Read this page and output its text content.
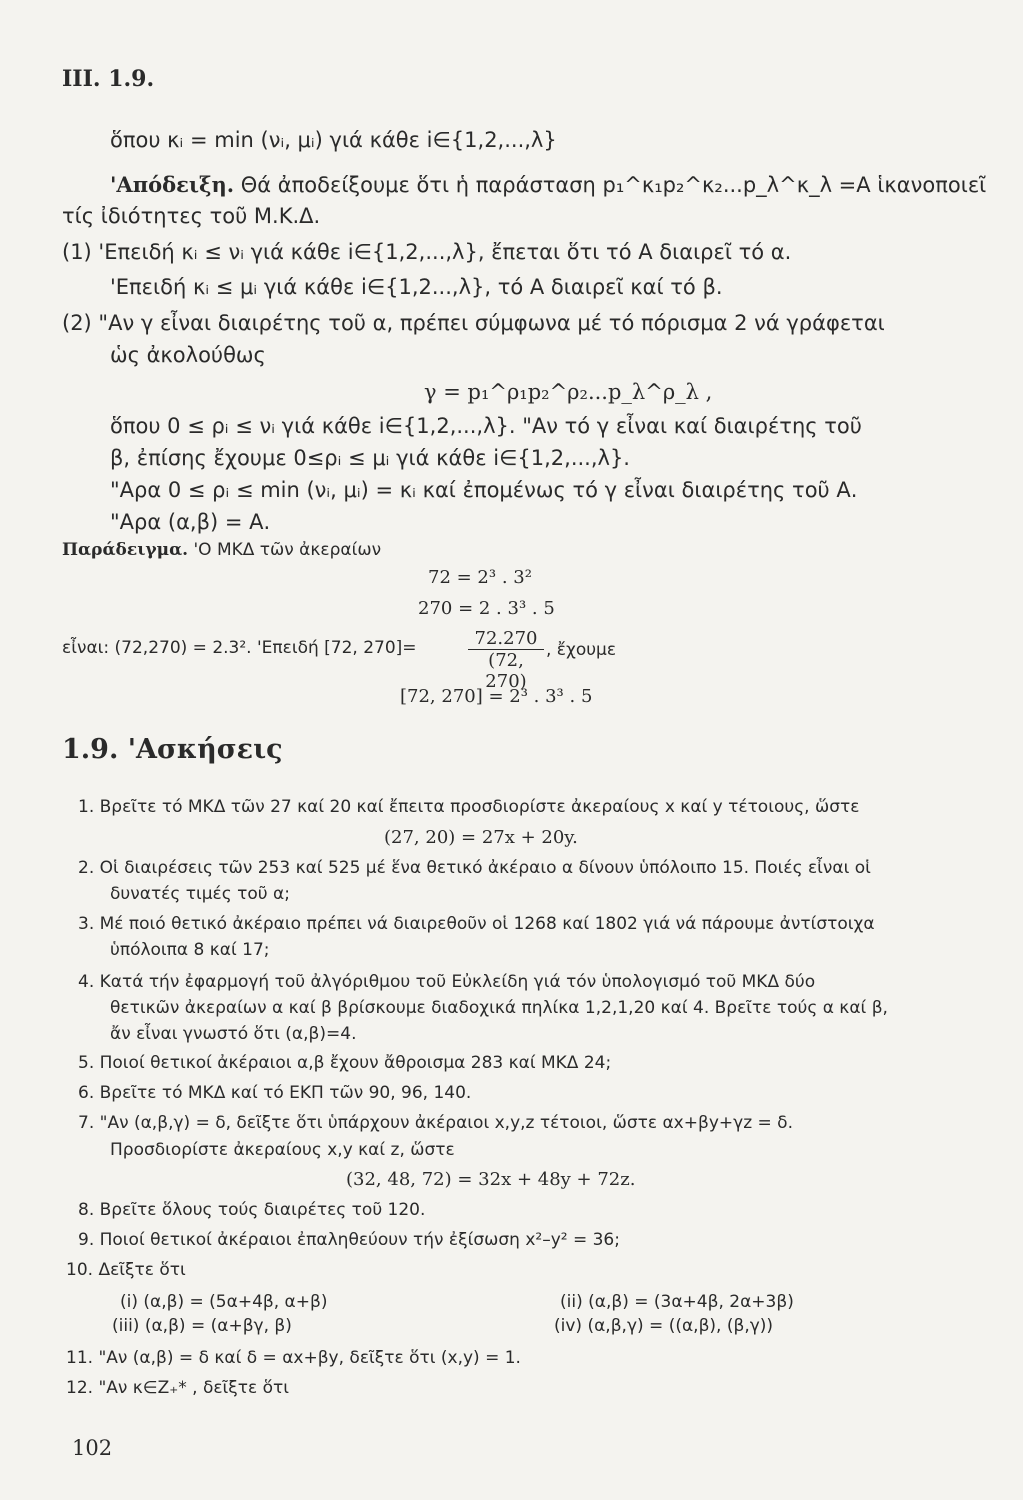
ΙΙΙ. 1.9.
ὅπου κᵢ = min (νᵢ, μᵢ) γιά κάθε i∈{1,2,...,λ}
'Απόδειξη. Θά ἀποδείξουμε ὅτι ἡ παράσταση p₁^κ₁p₂^κ₂...p_λ^κ_λ =A ἱκανοποιεῖ
τίς ἰδιότητες τοῦ Μ.Κ.Δ.
(1) 'Επειδή κᵢ ≤ νᵢ γιά κάθε i∈{1,2,...,λ}, ἔπεται ὅτι τό Α διαιρεῖ τό α.
'Επειδή κᵢ ≤ μᵢ γιά κάθε i∈{1,2...,λ}, τό Α διαιρεῖ καί τό β.
(2) "Αν γ εἶναι διαιρέτης τοῦ α, πρέπει σύμφωνα μέ τό πόρισμα 2 νά γράφεται
ὡς ἀκολούθως
γ = p₁^ρ₁p₂^ρ₂...p_λ^ρ_λ ,
ὅπου 0 ≤ ρᵢ ≤ νᵢ γιά κάθε i∈{1,2,...,λ}. "Αν τό γ εἶναι καί διαιρέτης τοῦ
β, ἐπίσης ἔχουμε 0≤ρᵢ ≤ μᵢ γιά κάθε i∈{1,2,...,λ}.
"Αρα 0 ≤ ρᵢ ≤ min (νᵢ, μᵢ) = κᵢ καί ἐπομένως τό γ εἶναι διαιρέτης τοῦ Α.
"Αρα (α,β) = Α.
Παράδειγμα. 'Ο ΜΚΔ τῶν ἀκεραίων
72 = 2³ . 3²
270 = 2 . 3³ . 5
εἶναι: (72,270) = 2.3². 'Επειδή [72, 270]=	$\frac{72.270}{(72, 270)}$ , ἔχουμε
[72, 270] = 2³ . 3³ . 5
1.9. 'Ασκήσεις
1. Βρεῖτε τό ΜΚΔ τῶν 27 καί 20 καί ἔπειτα προσδιορίστε ἀκεραίους x καί y τέτοιους, ὥστε
(27, 20) = 27x + 20y.
2. Οἱ διαιρέσεις τῶν 253 καί 525 μέ ἕνα θετικό ἀκέραιο α δίνουν ὑπόλοιπο 15. Ποιές εἶναι οἱ
δυνατές τιμές τοῦ α;
3. Μέ ποιό θετικό ἀκέραιο πρέπει νά διαιρεθοῦν οἱ 1268 καί 1802 γιά νά πάρουμε ἀντίστοιχα
ὑπόλοιπα 8 καί 17;
4. Κατά τήν ἐφαρμογή τοῦ ἀλγόριθμου τοῦ Εὐκλείδη γιά τόν ὑπολογισμό τοῦ ΜΚΔ δύο
θετικῶν ἀκεραίων α καί β βρίσκουμε διαδοχικά πηλίκα 1,2,1,20 καί 4. Βρεῖτε τούς α καί β,
ἄν εἶναι γνωστό ὅτι (α,β)=4.
5. Ποιοί θετικοί ἀκέραιοι α,β ἔχουν ἄθροισμα 283 καί ΜΚΔ 24;
6. Βρεῖτε τό ΜΚΔ καί τό ΕΚΠ τῶν 90, 96, 140.
7. "Αν (α,β,γ) = δ, δεῖξτε ὅτι ὑπάρχουν ἀκέραιοι x,y,z τέτοιοι, ὥστε αx+βy+γz = δ.
Προσδιορίστε ἀκεραίους x,y καί z, ὥστε
(32, 48, 72) = 32x + 48y + 72z.
8. Βρεῖτε ὅλους τούς διαιρέτες τοῦ 120.
9. Ποιοί θετικοί ἀκέραιοι ἐπαληθεύουν τήν ἐξίσωση x²–y² = 36;
10. Δεῖξτε ὅτι
(i) (α,β) = (5α+4β, α+β)	(ii) (α,β) = (3α+4β, 2α+3β)
(iii) (α,β) = (α+βγ, β)	(iv) (α,β,γ) = ((α,β), (β,γ))
11. "Αν (α,β) = δ καί δ = αx+βy, δεῖξτε ὅτι (x,y) = 1.
12. "Αν κ∈Z₊* , δεῖξτε ὅτι
102
